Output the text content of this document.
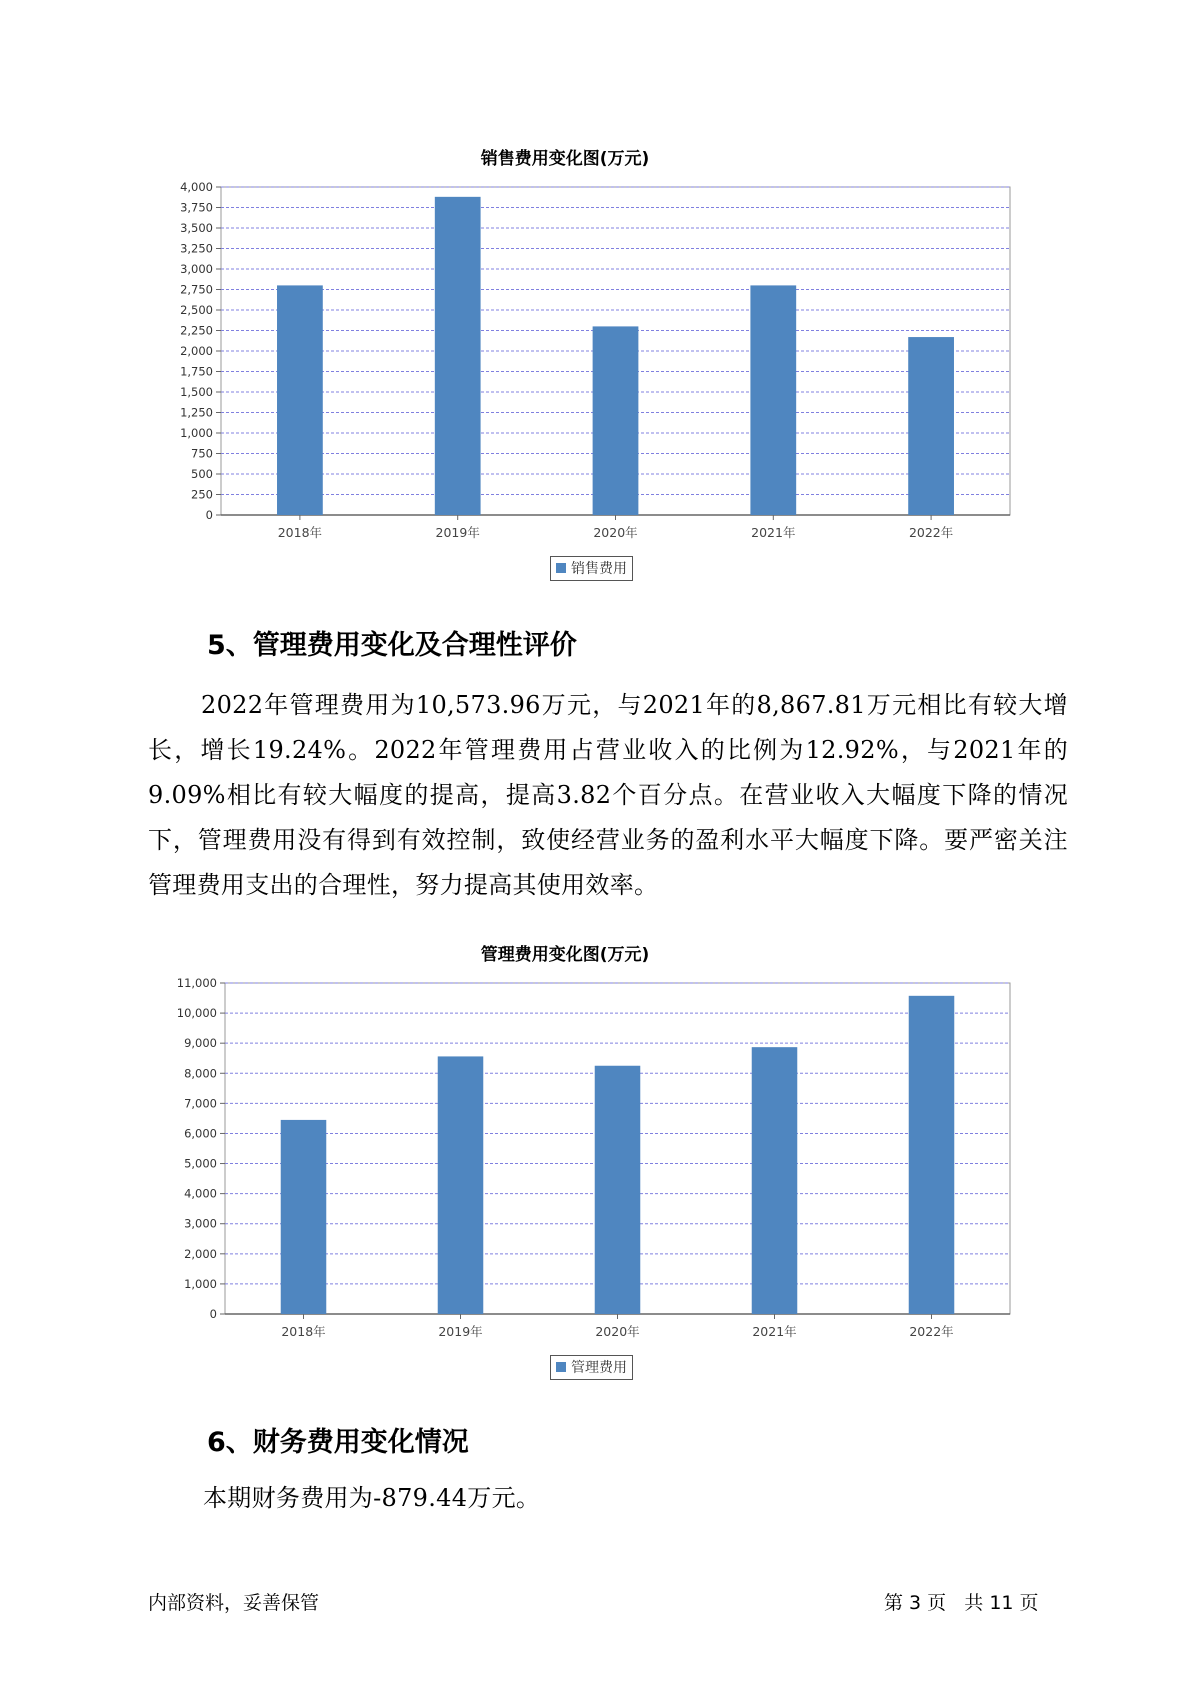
销售费用变化图(万元)
0
250
500
750
1,000
1,250
1,500
1,750
2,000
2,250
2,500
2,750
3,000
3,250
3,500
3,750
4,000
2018年	2019年	2020年	2021年	2022年
销售费用
5、管理费用变化及合理性评价

2022年管理费用为10,573.96万元，与2021年的8,867.81万元相比有较大增长，增长19.24%。2022年管理费用占营业收入的比例为12.92%，与2021年的9.09%相比有较大幅度的提高，提高3.82个百分点。在营业收入大幅度下降的情况下，管理费用没有得到有效控制，致使经营业务的盈利水平大幅度下降。要严密关注管理费用支出的合理性，努力提高其使用效率。

管理费用变化图(万元)
0
1,000
2,000
3,000
4,000
5,000
6,000
7,000
8,000
9,000
10,000
11,000
2018年	2019年	2020年	2021年	2022年
管理费用
6、财务费用变化情况

本期财务费用为-879.44万元。

内部资料，妥善保管	第 3 页   共 11 页
